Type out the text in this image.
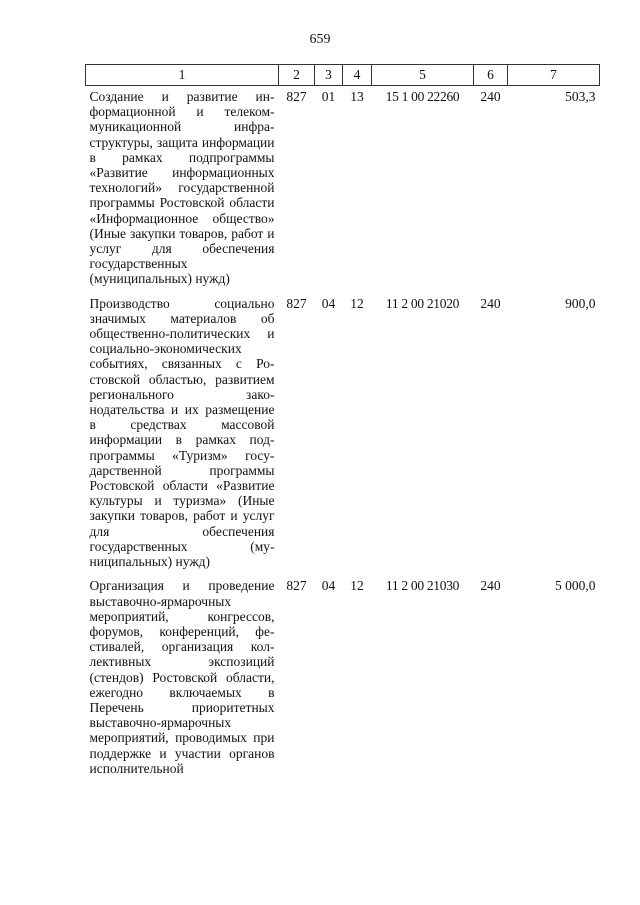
659
1	2	3	4	5	6	7
Создание и развитие информационной и телекоммуникационной инфраструктуры, защита информации в рамках подпрограммы «Развитие информационных технологий» государственной программы Ростовской области «Информационное общество» (Иные закупки товаров, работ и услуг для обеспечения государственных (муниципальных) нужд)	827	01	13	15 1 00 22260	240	503,3
Производство социально значимых материалов об общественно-политических и социально-экономических событиях, связанных с Ростовской областью, развитием регионального законодательства и их размещение в средствах массовой информации в рамках подпрограммы «Туризм» государственной программы Ростовской области «Развитие культуры и туризма» (Иные закупки товаров, работ и услуг для обеспечения государственных (муниципальных) нужд)	827	04	12	11 2 00 21020	240	900,0
Организация и проведение выставочно-ярмарочных мероприятий, конгрессов, форумов, конференций, фестивалей, организация коллективных экспозиций (стендов) Ростовской области, ежегодно включаемых в Перечень приоритетных выставочно-ярмарочных мероприятий, проводимых при поддержке и участии органов исполнительной	827	04	12	11 2 00 21030	240	5 000,0
